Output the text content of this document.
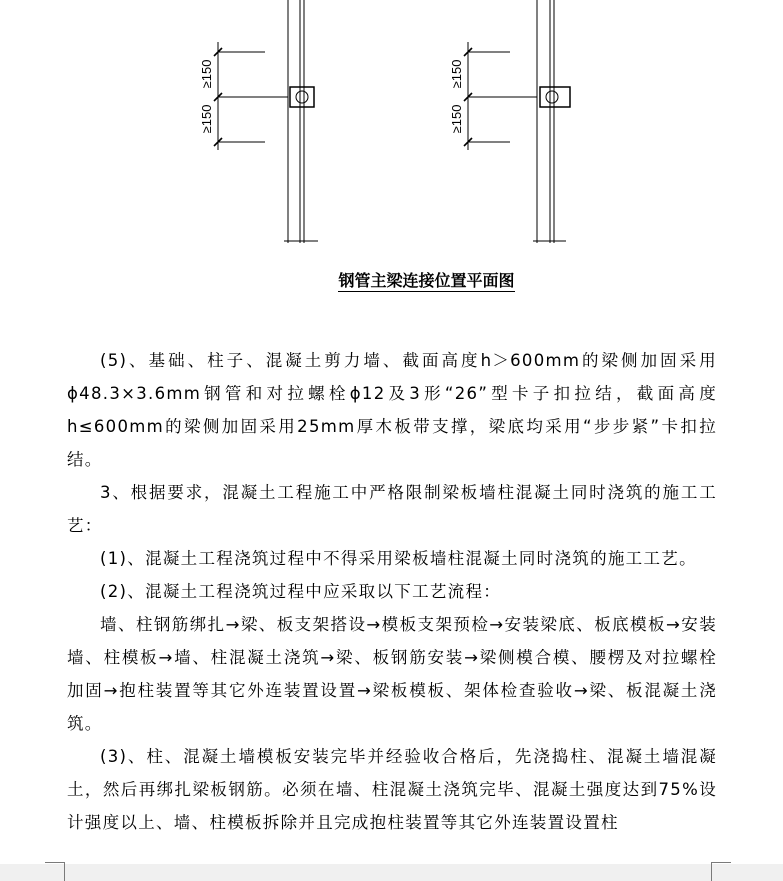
≥150
≥150
≥150
≥150
钢管主梁连接位置平面图

(5)、基础、柱子、混凝土剪力墙、截面高度h＞600mm的梁侧加固采用ϕ48.3×3.6mm钢管和对拉螺栓ϕ12及3形“26”型卡子扣拉结，截面高度h≤600mm的梁侧加固采用25mm厚木板带支撑，梁底均采用“步步紧”卡扣拉结。

3、根据要求，混凝土工程施工中严格限制梁板墙柱混凝土同时浇筑的施工工艺：

(1)、混凝土工程浇筑过程中不得采用梁板墙柱混凝土同时浇筑的施工工艺。

(2)、混凝土工程浇筑过程中应采取以下工艺流程：

墙、柱钢筋绑扎→梁、板支架搭设→模板支架预检→安装梁底、板底模板→安装墙、柱模板→墙、柱混凝土浇筑→梁、板钢筋安装→梁侧模合模、腰楞及对拉螺栓加固→抱柱装置等其它外连装置设置→梁板模板、架体检查验收→梁、板混凝土浇筑。

(3)、柱、混凝土墙模板安装完毕并经验收合格后，先浇捣柱、混凝土墙混凝土，然后再绑扎梁板钢筋。必须在墙、柱混凝土浇筑完毕、混凝土强度达到75%设计强度以上、墙、柱模板拆除并且完成抱柱装置等其它外连装置设置柱
